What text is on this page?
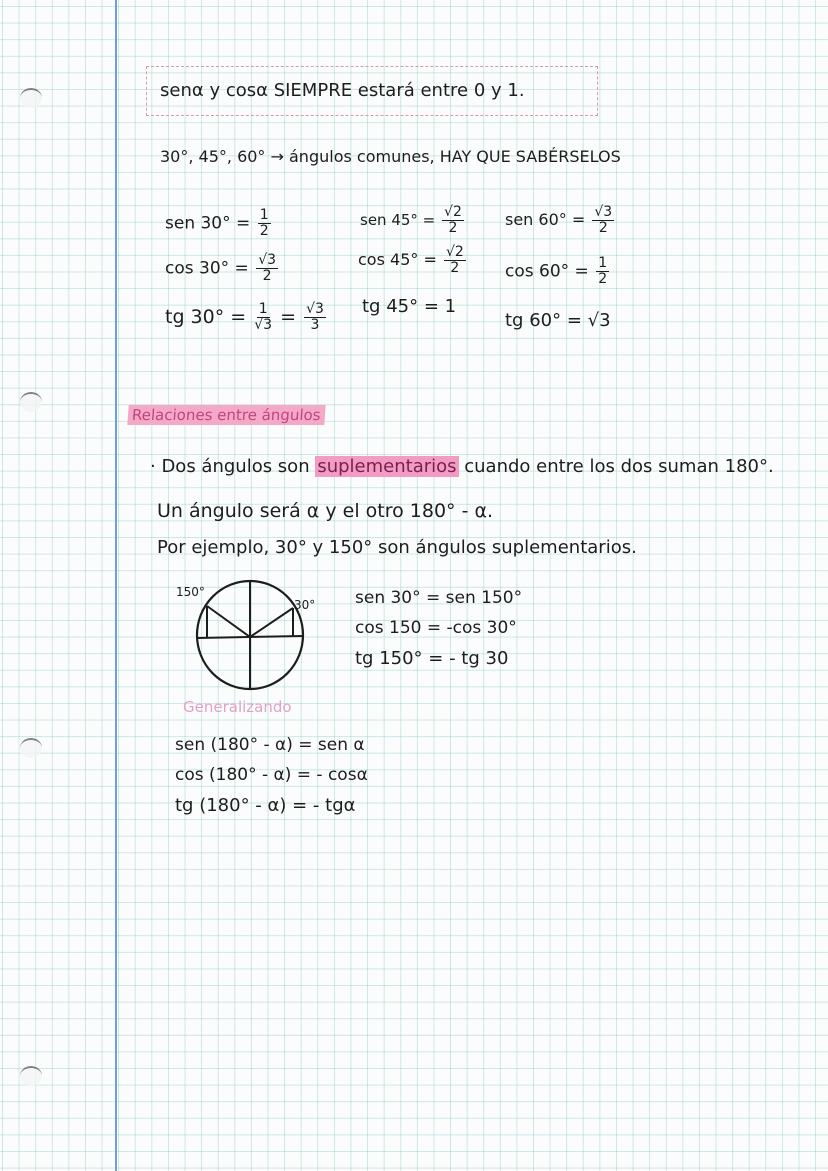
senα y cosα SIEMPRE estará entre 0 y 1.
30°, 45°, 60° → ángulos comunes, HAY QUE SABÉRSELOS
sen $30^\circ = \frac{1}{2}$
$\cos 30^\circ = \frac{√3}{2}$
tg $30^\circ = \frac{1}{√3} = \frac{√3}{3}$
sen $45^\circ = \frac{√2}{2}$
$\cos 45^\circ = \frac{√2}{2}$
tg 45° = 1
sen $60^\circ = \frac{√3}{2}$
$\cos 60^\circ = \frac{1}{2}$
tg 60° = √3
Relaciones entre ángulos
· Dos ángulos son suplementarios cuando entre los dos suman 180°.
Un ángulo será α y el otro 180° - α.
Por ejemplo, 30° y 150° son ángulos suplementarios.
150°
30° sen 30° = sen 150°
cos 150 = -cos 30°
tg 150° = - tg 30
Generalizando
sen (180° - α) = sen α
cos (180° - α) = - cosα
tg (180° - α) = - tgα
